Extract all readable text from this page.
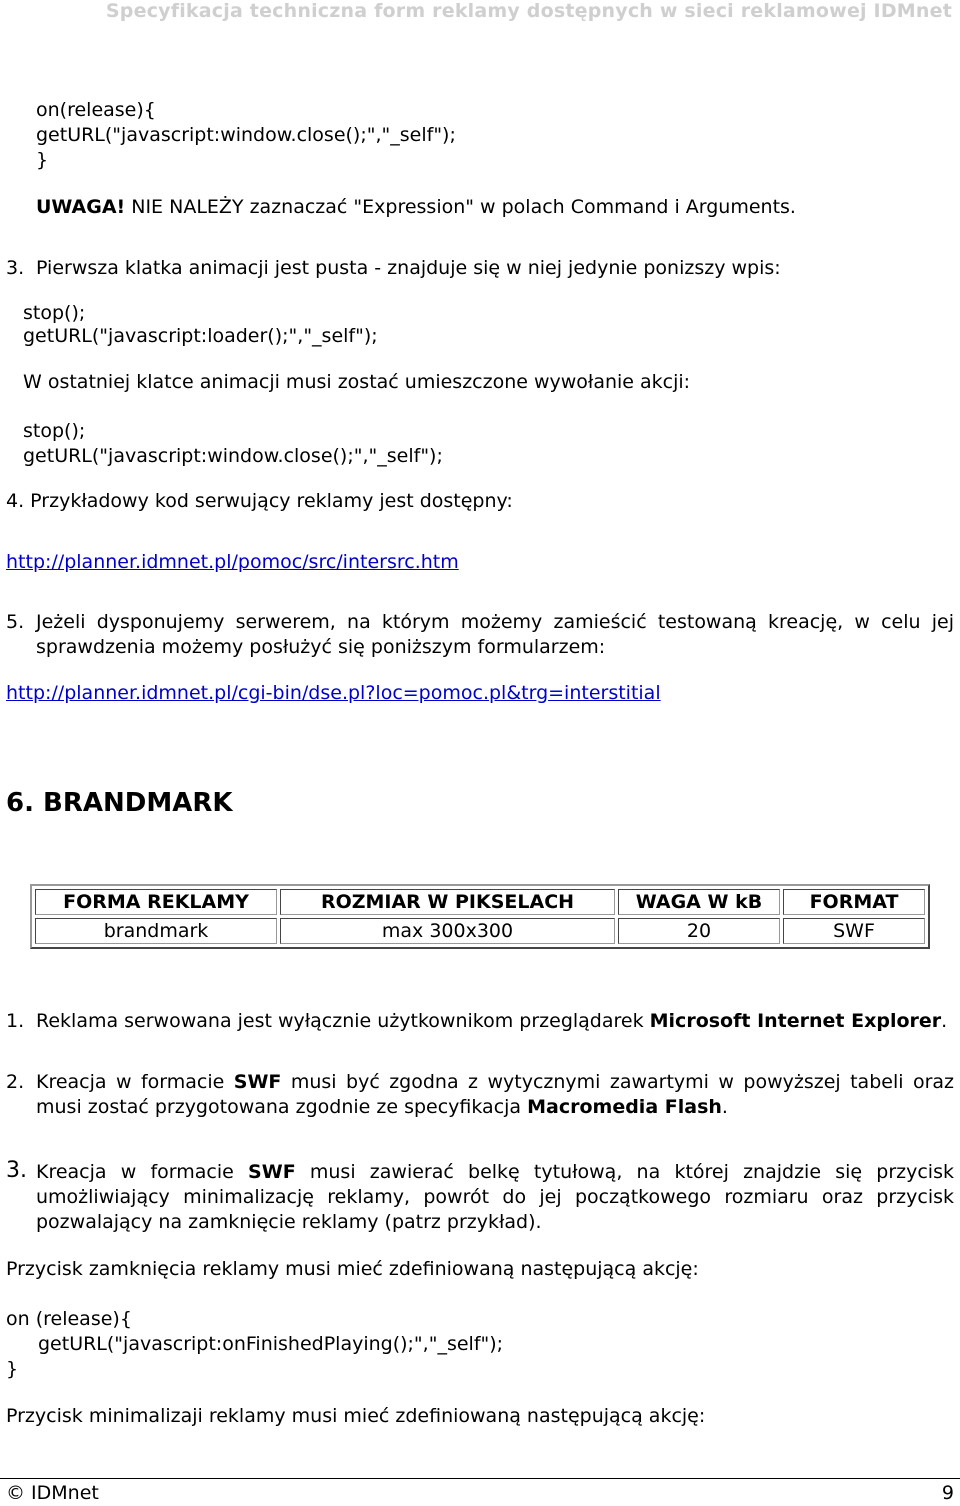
Specyfikacja techniczna form reklamy dostępnych w sieci reklamowej IDMnet
on(release){
getURL("javascript:window.close();","_self");
}
UWAGA! NIE NALEŻY zaznaczać "Expression" w polach Command i Arguments.
3. Pierwsza klatka animacji jest pusta - znajduje się w niej jedynie ponizszy wpis:
stop();
getURL("javascript:loader();","_self");
W ostatniej klatce animacji musi zostać umieszczone wywołanie akcji:
stop();
getURL("javascript:window.close();","_self");
4. Przykładowy kod serwujący reklamy jest dostępny:
http://planner.idmnet.pl/pomoc/src/intersrc.htm
5. Jeżeli dysponujemy serwerem, na którym możemy zamieścić testowaną kreację, w celu jej sprawdzenia możemy posłużyć się poniższym formularzem:
http://planner.idmnet.pl/cgi-bin/dse.pl?loc=pomoc.pl&trg=interstitial
6. BRANDMARK
FORMA REKLAMY	ROZMIAR W PIKSELACH	WAGA W kB	FORMAT
brandmark	max 300x300	20	SWF
1. Reklama serwowana jest wyłącznie użytkownikom przeglądarek Microsoft Internet Explorer.
2. Kreacja w formacie SWF musi być zgodna z wytycznymi zawartymi w powyższej tabeli oraz musi zostać przygotowana zgodnie ze specyfikacja Macromedia Flash.
3. Kreacja w formacie SWF musi zawierać belkę tytułową, na której znajdzie się przycisk umożliwiający minimalizację reklamy, powrót do jej początkowego rozmiaru oraz przycisk pozwalający na zamknięcie reklamy (patrz przykład).
Przycisk zamknięcia reklamy musi mieć zdefiniowaną następującą akcję:
on (release){
getURL("javascript:onFinishedPlaying();","_self");
}
Przycisk minimalizaji reklamy musi mieć zdefiniowaną następującą akcję:
© IDMnet	9
